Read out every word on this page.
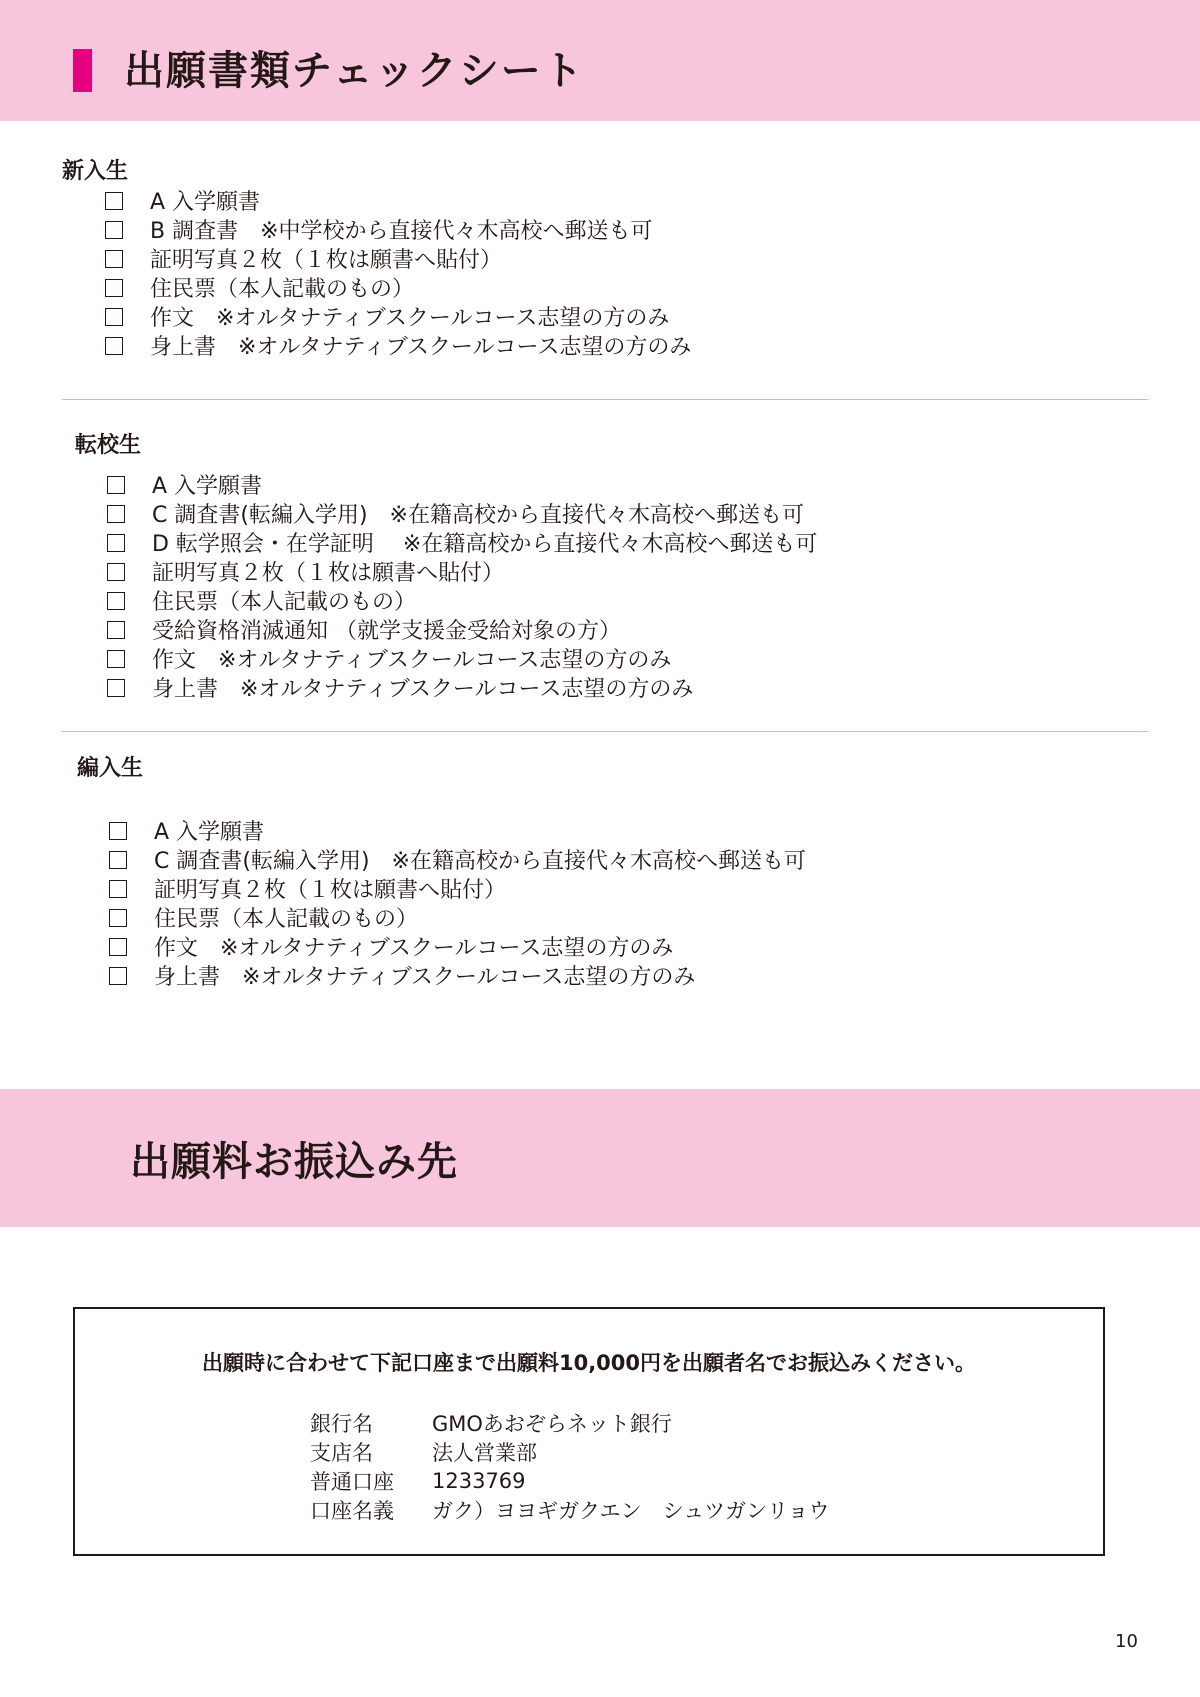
出願書類チェックシート
新入生
A 入学願書
B 調査書　※中学校から直接代々木高校へ郵送も可
証明写真２枚（１枚は願書へ貼付）
住民票（本人記載のもの）
作文　※オルタナティブスクールコース志望の方のみ
身上書　※オルタナティブスクールコース志望の方のみ
転校生
A 入学願書
C 調査書(転編入学用)　※在籍高校から直接代々木高校へ郵送も可
D 転学照会・在学証明　 ※在籍高校から直接代々木高校へ郵送も可
証明写真２枚（１枚は願書へ貼付）
住民票（本人記載のもの）
受給資格消滅通知 （就学支援金受給対象の方）
作文　※オルタナティブスクールコース志望の方のみ
身上書　※オルタナティブスクールコース志望の方のみ
編入生
A 入学願書
C 調査書(転編入学用)　※在籍高校から直接代々木高校へ郵送も可
証明写真２枚（１枚は願書へ貼付）
住民票（本人記載のもの）
作文　※オルタナティブスクールコース志望の方のみ
身上書　※オルタナティブスクールコース志望の方のみ
出願料お振込み先
出願時に合わせて下記口座まで出願料10,000円を出願者名でお振込みください。
銀行名	GMOあおぞらネット銀行
支店名	法人営業部
普通口座	1233769
口座名義	ガク）ヨヨギガクエン　シュツガンリョウ
10
